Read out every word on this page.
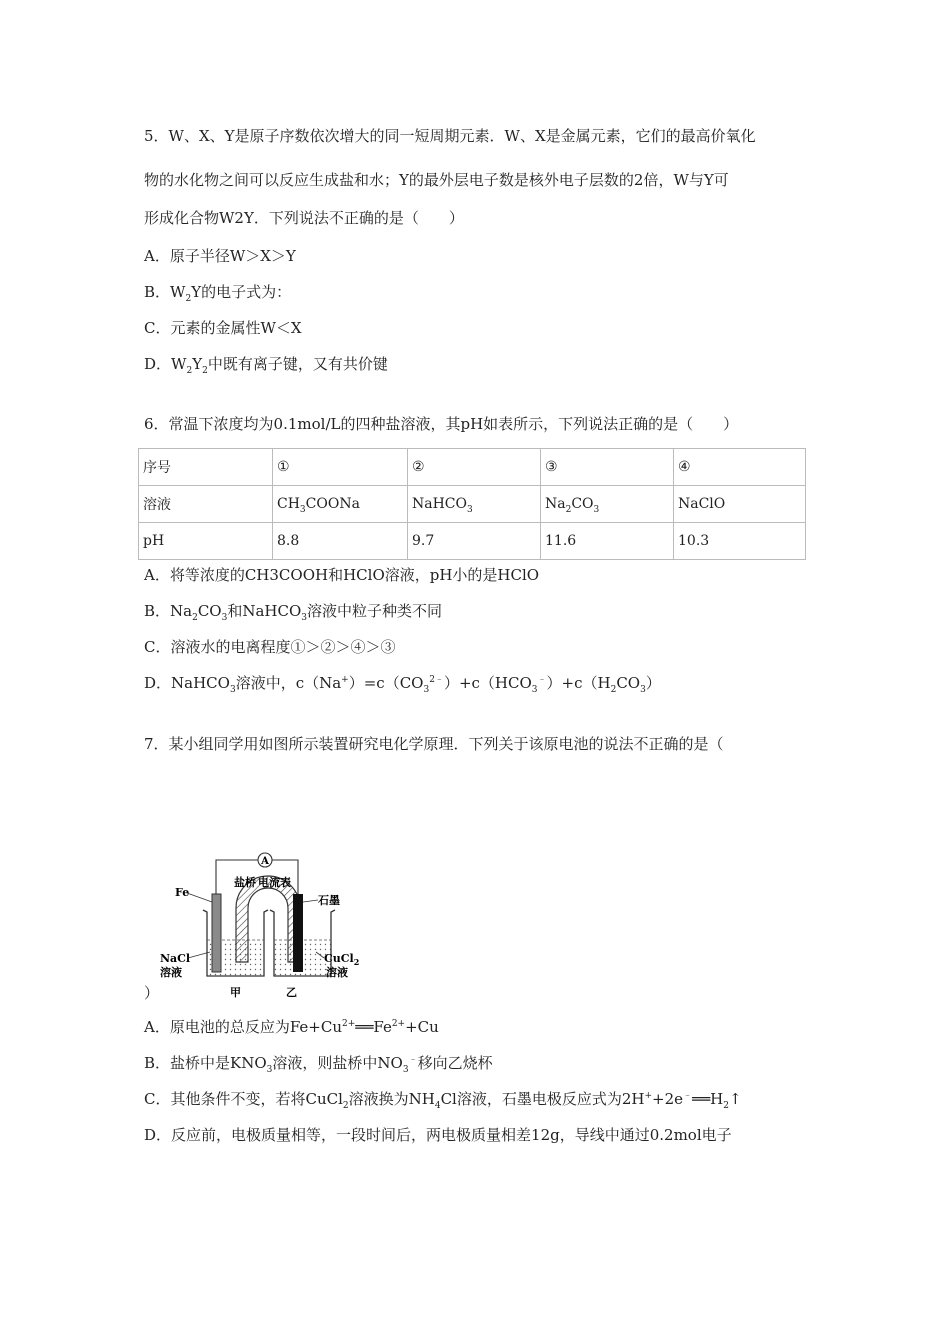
5．W、X、Y是原子序数依次增大的同一短周期元素．W、X是金属元素，它们的最高价氧化
物的水化物之间可以反应生成盐和水；Y的最外层电子数是核外电子层数的2倍，W与Y可
形成化合物W2Y．下列说法不正确的是（　　）
A．原子半径W＞X＞Y
B．$W_2Y$的电子式为：
C．元素的金属性W＜X
D．$W_2Y_2$中既有离子键，又有共价键
6．常温下浓度均为0.1mol/L的四种盐溶液，其pH如表所示，下列说法正确的是（　　）
序号	①	②	③	④
溶液	$CH_3COONa$	NaHCO$_3$	$Na_2CO_3$	NaClO
pH	8.8	9.7	11.6	10.3
A．将等浓度的CH3COOH和HClO溶液，pH小的是HClO
B．$Na_2CO_3$和NaHCO$_3$溶液中粒子种类不同
C．溶液水的电离程度①＞②＞④＞③
D．NaHCO$_3$溶液中，$c(Na^+)=c(CO_3^{2﹣})+c(HCO_3^﹣)+c(H_2CO_3)$
7．某小组同学用如图所示装置研究电化学原理．下列关于该原电池的说法不正确的是（
A
Fe
盐桥 电流表
石墨
NaCl
溶液
CuCl$_2$
溶液
甲	乙
）
A．原电池的总反应为$Fe+Cu^{2+}══Fe^{2+}+Cu$
B．盐桥中是$KNO_3$溶液，则盐桥中$NO_3^﹣$移向乙烧杯
C．其他条件不变，若将CuCl$_2$溶液换为$NH_4Cl$溶液，石墨电极反应式为$2H^++2e^﹣══H_2↑$
D．反应前，电极质量相等，一段时间后，两电极质量相差12g，导线中通过0.2mol电子
